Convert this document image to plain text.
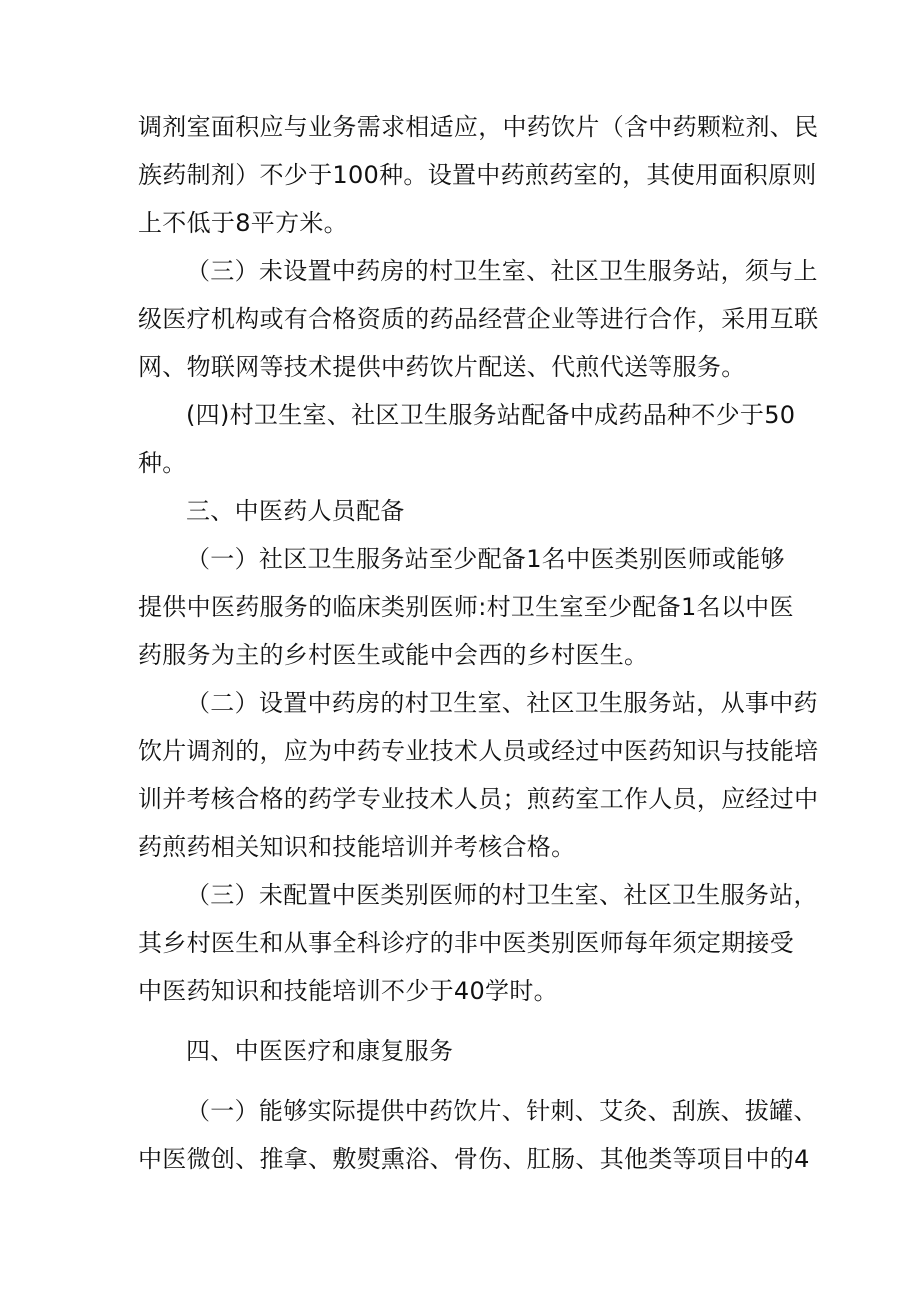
调剂室面积应与业务需求相适应，中药饮片（含中药颗粒剂、民

族药制剂）不少于100种。设置中药煎药室的，其使用面积原则

上不低于8平方米。

（三）未设置中药房的村卫生室、社区卫生服务站，须与上

级医疗机构或有合格资质的药品经营企业等进行合作，采用互联

网、物联网等技术提供中药饮片配送、代煎代送等服务。

(四)村卫生室、社区卫生服务站配备中成药品种不少于50

种。

三、中医药人员配备

（一）社区卫生服务站至少配备1名中医类别医师或能够

提供中医药服务的临床类别医师:村卫生室至少配备1名以中医

药服务为主的乡村医生或能中会西的乡村医生。

（二）设置中药房的村卫生室、社区卫生服务站，从事中药

饮片调剂的，应为中药专业技术人员或经过中医药知识与技能培

训并考核合格的药学专业技术人员；煎药室工作人员，应经过中

药煎药相关知识和技能培训并考核合格。

（三）未配置中医类别医师的村卫生室、社区卫生服务站，

其乡村医生和从事全科诊疗的非中医类别医师每年须定期接受

中医药知识和技能培训不少于40学时。

四、中医医疗和康复服务

（一）能够实际提供中药饮片、针刺、艾灸、刮族、拔罐、

中医微创、推拿、敷熨熏浴、骨伤、肛肠、其他类等项目中的4
